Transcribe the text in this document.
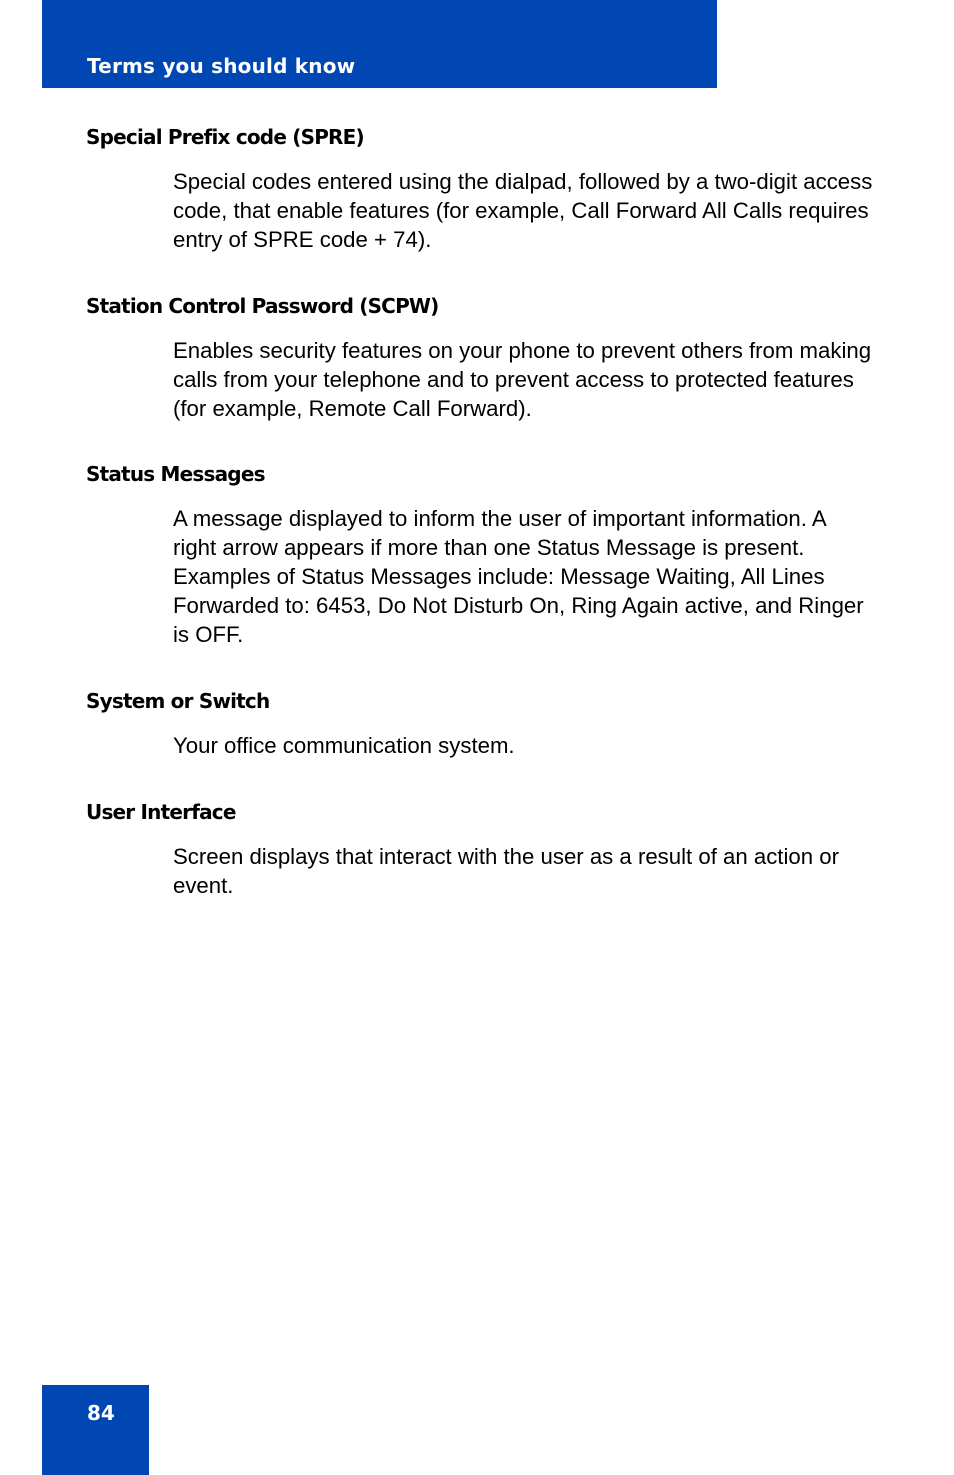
Terms you should know
Special Prefix code (SPRE)

Special codes entered using the dialpad, followed by a two-digit access code, that enable features (for example, Call Forward All Calls requires entry of SPRE code + 74).

Station Control Password (SCPW)

Enables security features on your phone to prevent others from making calls from your telephone and to prevent access to protected features (for example, Remote Call Forward).

Status Messages

A message displayed to inform the user of important information. A right arrow appears if more than one Status Message is present. Examples of Status Messages include: Message Waiting, All Lines Forwarded to: 6453, Do Not Disturb On, Ring Again active, and Ringer is OFF.

System or Switch

Your office communication system.

User Interface

Screen displays that interact with the user as a result of an action or event.

84
